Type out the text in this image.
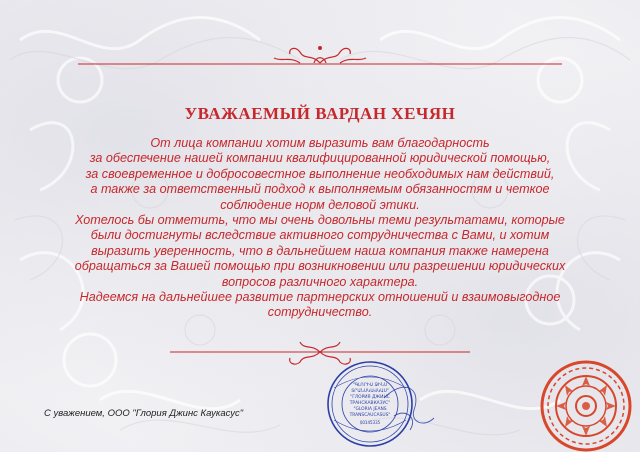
УВАЖАЕМЫЙ ВАРДАН ХЕЧЯН

От лица компании хотим выразить вам благодарность

за обеспечение нашей компании квалифицированной юридической помощью,

за своевременное и добросовестное выполнение необходимых нам действий,

а также за ответственный подход к выполняемым обязанностям и четкое

соблюдение норм деловой этики.

Хотелось бы отметить, что мы очень довольны теми результатами, которые

были достигнуты вследствие активного сотрудничества с Вами, и хотим

выразить уверенность, что в дальнейшем наша компания также намерена

обращаться за Вашей помощью при возникновении или разрешении юридических

вопросов различного характера.

Надеемся на дальнейшее развитие партнерских отношений и взаимовыгодное

сотрудничество.

С уважением, ООО "Глория Джинс Каукасус"
"ԳԼՈՐԻԱ ՋԻՆՍ
ՏՐԱՆՍԿԱՎԿԱՍ"
"ГЛОРИЯ ДЖИНС
ТРАНСКАВКАЗУС"
"GLORIA JEANS
TRANSCAUCASUS"
00145335
